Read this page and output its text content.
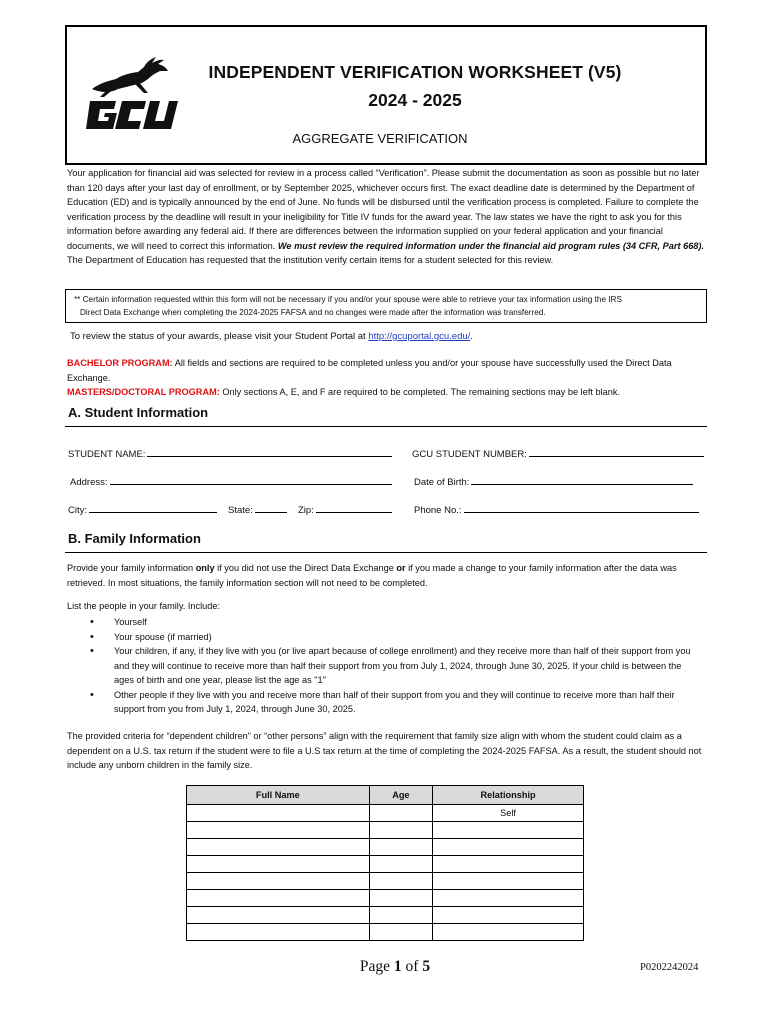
INDEPENDENT VERIFICATION WORKSHEET (V5)
2024 - 2025
AGGREGATE VERIFICATION
Your application for financial aid was selected for review in a process called “Verification”. Please submit the documentation as soon as possible but no later than 120 days after your last day of enrollment, or by September 2025, whichever occurs first. The exact deadline date is determined by the Department of Education (ED) and is typically announced by the end of June. No funds will be disbursed until the verification process is completed. Failure to complete the verification process by the deadline will result in your ineligibility for Title IV funds for the award year. The law states we have the right to ask you for this information before awarding any federal aid. If there are differences between the information supplied on your federal application and your financial documents, we will need to correct this information. We must review the required information under the financial aid program rules (34 CFR, Part 668). The Department of Education has requested that the institution verify certain items for a student selected for this review.
** Certain information requested within this form will not be necessary if you and/or your spouse were able to retrieve your tax information using the IRS
Direct Data Exchange when completing the 2024-2025 FAFSA and no changes were made after the information was transferred.
To review the status of your awards, please visit your Student Portal at http://gcuportal.gcu.edu/.
BACHELOR PROGRAM: All fields and sections are required to be completed unless you and/or your spouse have successfully used the Direct Data Exchange.
MASTERS/DOCTORAL PROGRAM: Only sections A, E, and F are required to be completed. The remaining sections may be left blank.
A. Student Information
STUDENT NAME:	GCU STUDENT NUMBER:
Address:	Date of Birth:
City:	State:	Zip:	Phone No.:
B. Family Information
Provide your family information only if you did not use the Direct Data Exchange or if you made a change to your family information after the data was retrieved. In most situations, the family information section will not need to be completed.
List the people in your family. Include:
• Yourself
• Your spouse (if married)
• Your children, if any, if they live with you (or live apart because of college enrollment) and they receive more than half of their support from you and they will continue to receive more than half their support from you from July 1, 2024, through June 30, 2025. If your child is between the ages of birth and one year, please list the age as "1"
• Other people if they live with you and receive more than half of their support from you and they will continue to receive more than half their support from you from July 1, 2024, through June 30, 2025.
The provided criteria for “dependent children” or “other persons” align with the requirement that family size align with whom the student could claim as a dependent on a U.S. tax return if the student were to file a U.S tax return at the time of completing the 2024-2025 FAFSA. As a result, the student should not include any unborn children in the family size.
Full Name	Age	Relationship
		Self

Page 1 of 5	P0202242024
